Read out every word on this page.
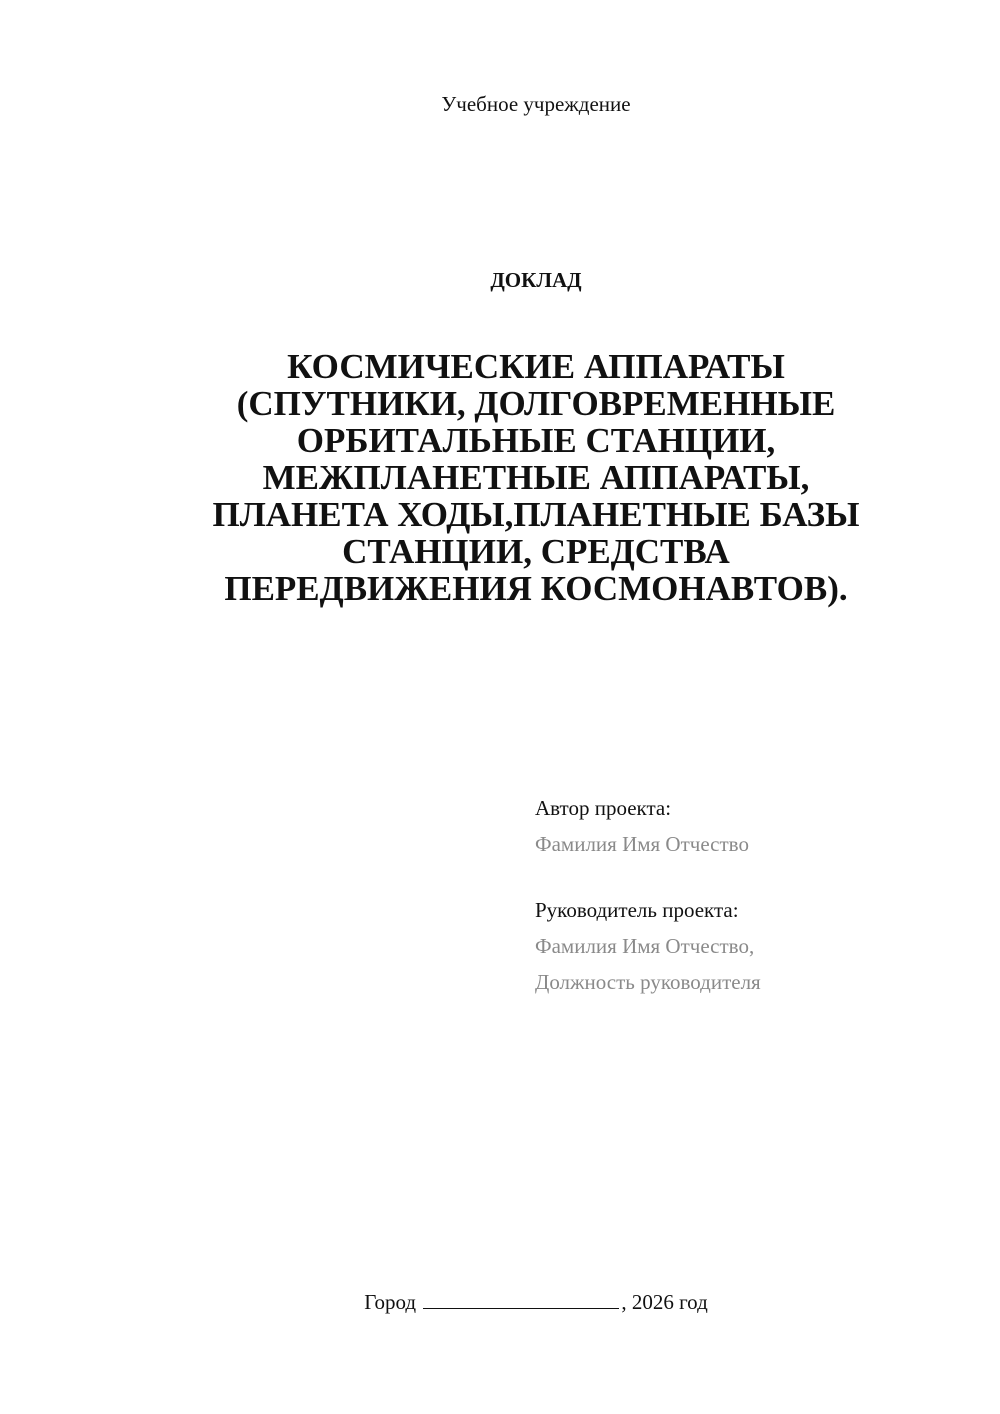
Учебное учреждение
ДОКЛАД
КОСМИЧЕСКИЕ АППАРАТЫ
(СПУТНИКИ, ДОЛГОВРЕМЕННЫЕ
ОРБИТАЛЬНЫЕ СТАНЦИИ,
МЕЖПЛАНЕТНЫЕ АППАРАТЫ,
ПЛАНЕТА ХОДЫ,ПЛАНЕТНЫЕ БАЗЫ
СТАНЦИИ, СРЕДСТВА
ПЕРЕДВИЖЕНИЯ КОСМОНАВТОВ).
Автор проекта:
Фамилия Имя Отчество
Руководитель проекта:
Фамилия Имя Отчество,
Должность руководителя
Город	, 2026 год
